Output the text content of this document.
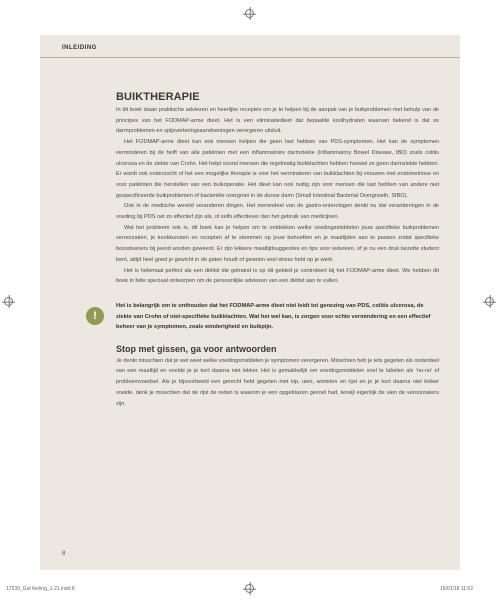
INLEIDING
BUIKTHERAPIE

In dit boek staan praktische adviezen en heerlijke recepten om je te helpen bij de aanpak van je buikproblemen met behulp van de principes van het FODMAP-arme dieet. Het is een eliminatiedieet dat bepaalde koolhydraten waarvan bekend is dat ze darmproblemen en spijsverteringsaandoeningen verergeren uitsluit.

Het FODMAP-arme dieet kan ook mensen helpen die geen last hebben van PDS-symptomen. Het kan de symptomen verminderen bij de helft van alle patiënten met een inflammatoire darmziekte (Inflammatory Bowel Disease, IBD) zoals colitis ulcerosa en de ziekte van Crohn. Het helpt vooral mensen die regelmatig buikklachten hebben hoewel ze geen darmziekte hebben. Er wordt ook onderzocht of het een mogelijke therapie is voor het verminderen van buikklachten bij vrouwen met endometriose en voor patiënten die herstellen van een buikoperatie. Het dieet kan ook nuttig zijn voor mensen die last hebben van andere niet gespecificeerde buikproblemen of bacteriële overgroei in de dunne darm (Small Intestinal Bacterial Overgrowth, SIBO).

Ook in de medische wereld veranderen dingen. Het merendeel van de gastro-enterologen denkt nu dat veranderingen in de voeding bij PDS net zo effectief zijn als, of zelfs effectiever dan het gebruik van medicijnen.

Wat het probleem ook is, dit boek kan je helpen om te ontdekken welke voedingsmiddelen jouw specifieke buikproblemen veroorzaken, je kookkunsten en recepten af te stemmen op jouw behoeften en je maaltijden aan te passen zodat specifieke boosdoeners bij jeend worden geweerd. Er zijn lekkere maaltijdsuggesties en tips voor iedereen, of je nu een druk bezette student bent, altijd heel goed je gewicht in de gaten houdt of gewoon veel stress hebt op je werk.

Het is helemaal perfect als een diëtist die getraind is op dit gebied je controleert bij het FODMAP-arme dieet. We hebben dit boek in feite speciaal ontworpen om de persoonlijke adviezen van een diëtist aan te vullen.

!
Het is belangrijk om te onthouden dat het FODMAP-arme dieet niet leidt tot genezing van PDS, colitis ulcerosa, de ziekte van Crohn of niet-specifieke buikklachten. Wat het wel kan, is zorgen voor echte vermindering en een effectief beheer van je symptomen, zoals winderigheid en buikpijn.
Stop met gissen, ga voor antwoorden

Je denkt misschien dat je wel weet welke voedingsmiddelen je symptomen verergeren. Misschien heb je iets gegeten als onderdeel van een maaltijd en voelde je je kort daarna niet lekker. Het is gemakkelijk om voedingsmiddelen snel te labelen als ‘no-no’ of probleemvoedsel. Als je bijvoorbeeld een gerecht hebt gegeten met kip, uien, wortelen en rijst en je je kort daarna niet lekker voelde, denk je misschien dat de rijst de reden is waarom je een opgeblazen gevoel had, terwijl eigenlijk de uien de veroorzakers zijn.

8
17239_Gut feeling_1-21.indd 8	16/01/18 11:52
